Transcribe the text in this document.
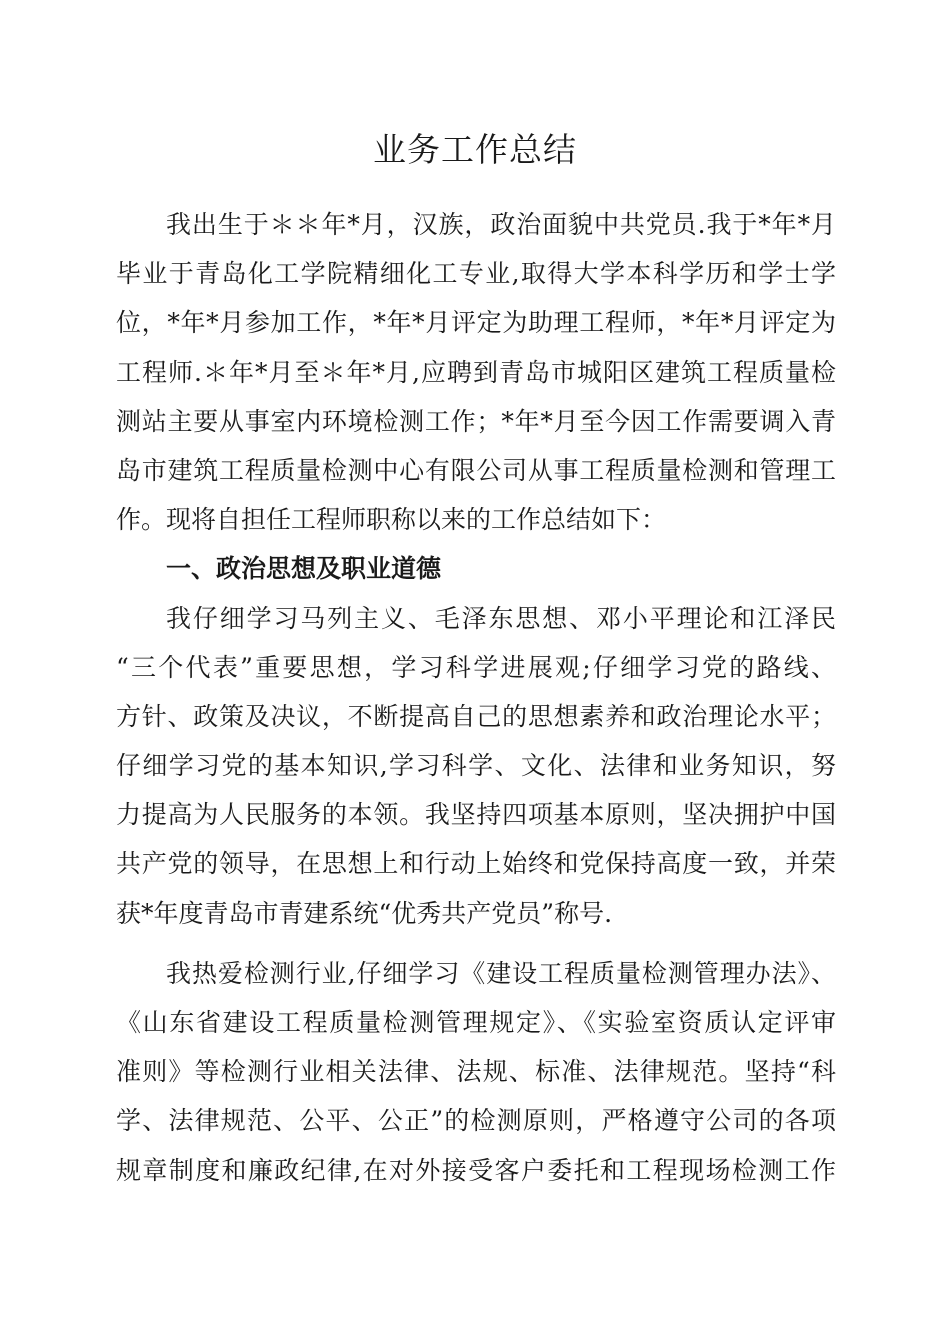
业务工作总结
我出生于＊＊年*月，汉族，政治面貌中共党员.我于*年*月
毕业于青岛化工学院精细化工专业,取得大学本科学历和学士学
位，*年*月参加工作，*年*月评定为助理工程师，*年*月评定为
工程师.＊年*月至＊年*月,应聘到青岛市城阳区建筑工程质量检
测站主要从事室内环境检测工作；*年*月至今因工作需要调入青
岛市建筑工程质量检测中心有限公司从事工程质量检测和管理工
作。现将自担任工程师职称以来的工作总结如下：
一、政治思想及职业道德
我仔细学习马列主义、毛泽东思想、邓小平理论和江泽民
“三个代表”重要思想，学习科学进展观;仔细学习党的路线、
方针、政策及决议，不断提高自己的思想素养和政治理论水平；
仔细学习党的基本知识,学习科学、文化、法律和业务知识，努
力提高为人民服务的本领。我坚持四项基本原则，坚决拥护中国
共产党的领导，在思想上和行动上始终和党保持高度一致，并荣
获*年度青岛市青建系统“优秀共产党员”称号.
我热爱检测行业,仔细学习《建设工程质量检测管理办法》、
《山东省建设工程质量检测管理规定》、《实验室资质认定评审
准则》等检测行业相关法律、法规、标准、法律规范。坚持“科
学、法律规范、公平、公正”的检测原则，严格遵守公司的各项
规章制度和廉政纪律,在对外接受客户委托和工程现场检测工作
